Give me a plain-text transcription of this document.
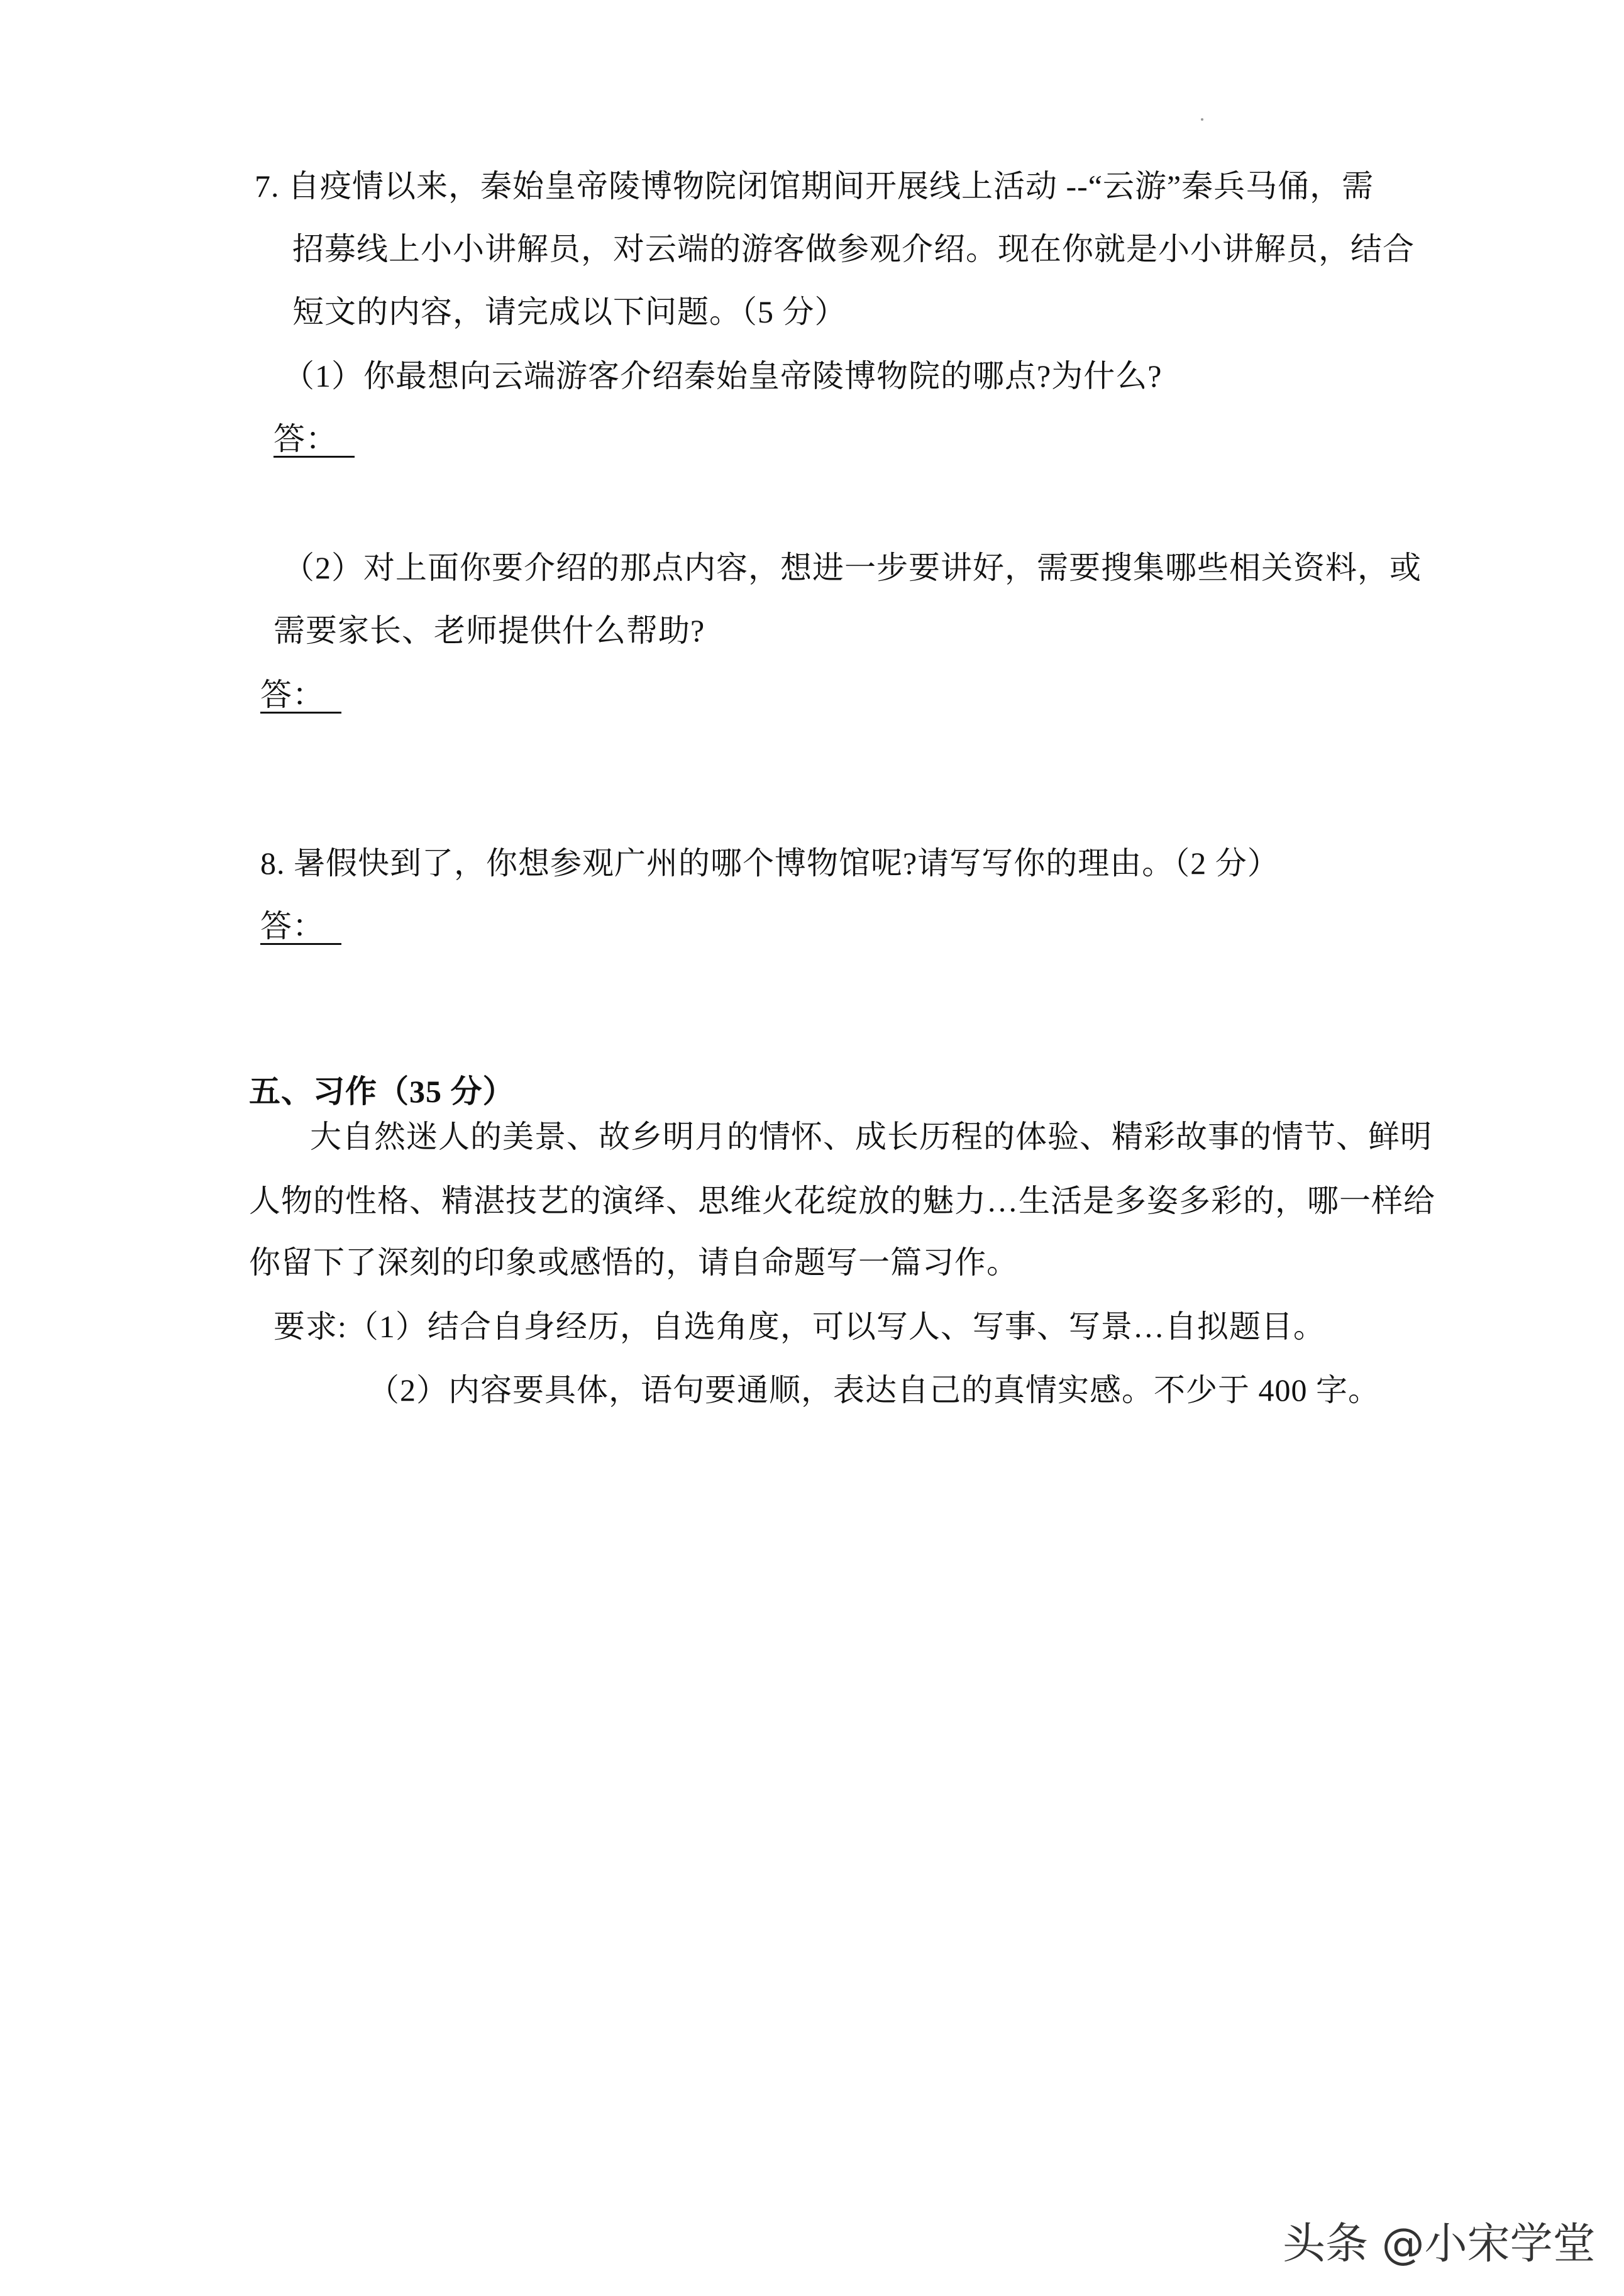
7. 自疫情以来，秦始皇帝陵博物院闭馆期间开展线上活动 --“云游”秦兵马俑，需
招募线上小小讲解员，对云端的游客做参观介绍。现在你就是小小讲解员，结合
短文的内容，请完成以下问题。（5 分）
（1）你最想向云端游客介绍秦始皇帝陵博物院的哪点?为什么?
答：
（2）对上面你要介绍的那点内容，想进一步要讲好，需要搜集哪些相关资料，或
需要家长、老师提供什么帮助?
答：
8. 暑假快到了，你想参观广州的哪个博物馆呢?请写写你的理由。（2 分）
答：
五、习作（35 分）
大自然迷人的美景、故乡明月的情怀、成长历程的体验、精彩故事的情节、鲜明
人物的性格、精湛技艺的演绎、思维火花绽放的魅力…生活是多姿多彩的，哪一样给
你留下了深刻的印象或感悟的，请自命题写一篇习作。
要求:（1）结合自身经历，自选角度，可以写人、写事、写景…自拟题目。
（2）内容要具体，语句要通顺，表达自己的真情实感。不少于 400 字。
头条 @小宋学堂
